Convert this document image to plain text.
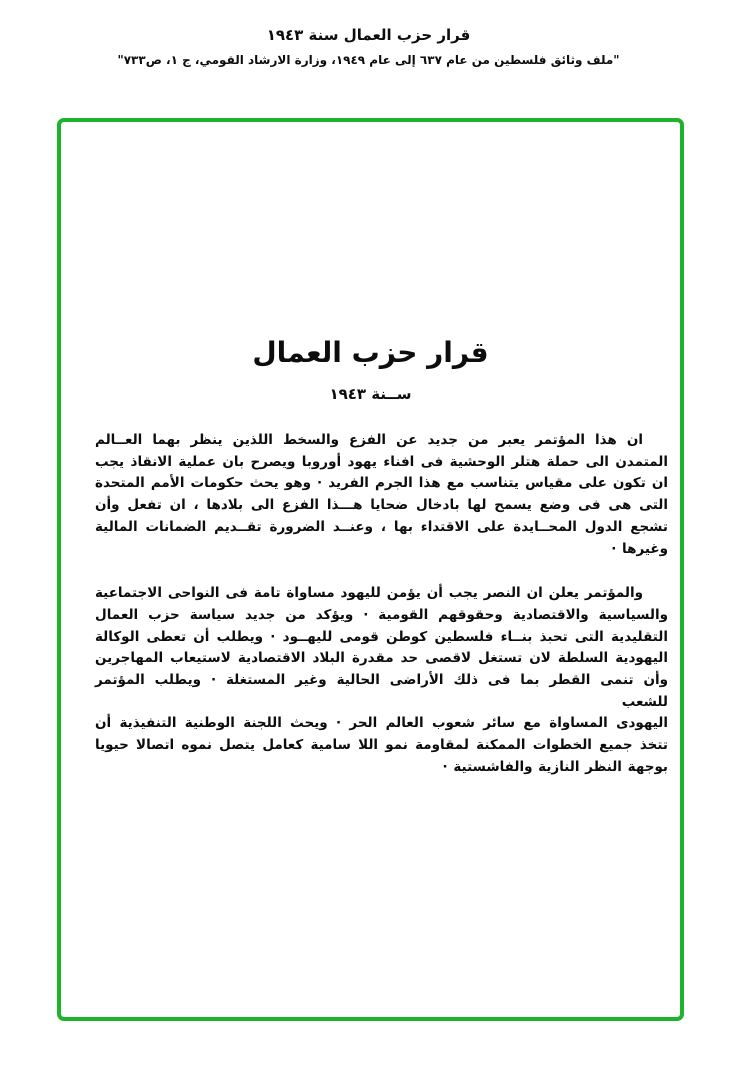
قرار حزب العمال سنة ١٩٤٣
"ملف وثائق فلسطين من عام ٦٣٧ إلى عام ١٩٤٩، وزارة الارشاد القومي، ج ١، ص٧٣٣"
قرار حزب العمال
ســنة ١٩٤٣
ان هذا المؤتمر يعبر من جديد عن الفزع والسخط اللذين ينظر بهما العــالم
المتمدن الى حملة هتلر الوحشية فى افناء يهود أوروبا ويصرح بان عملية الانقاذ يجب
ان تكون على مقياس يتناسب مع هذا الجرم الفريد · وهو يحث حكومات الأمم المتحدة
التى هى فى وضع يسمح لها بادخال ضحايا هـــذا الفزع الى بلادها ، ان تفعل وأن
تشجع الدول المحــايدة على الاقتداء بها ، وعنــد الضرورة تقــديم الضمانات المالية
وغيرها ·
والمؤتمر يعلن ان النصر يجب أن يؤمن لليهود مساواة تامة فى النواحى الاجتماعية
والسياسية والاقتصادية وحقوقهم القومية · ويؤكد من جديد سياسة حزب العمال
التقليدية التى تحبذ بنــاء فلسطين كوطن قومى لليهــود · ويطلب أن تعطى الوكالة
اليهودية السلطة لان تستغل لاقصى حد مقدرة البلاد الاقتصادية لاستيعاب المهاجرين
وأن تنمى القطر بما فى ذلك الأراضى الحالية وغير المستغلة · ويطلب المؤتمر للشعب
اليهودى المساواة مع سائر شعوب العالم الحر · ويحث اللجنة الوطنية التنفيذية أن
تتخذ جميع الخطوات الممكنة لمقاومة نمو اللا سامية كعامل يتصل نموه اتصالا حيويا
بوجهة النظر النازية والفاشستية ·
